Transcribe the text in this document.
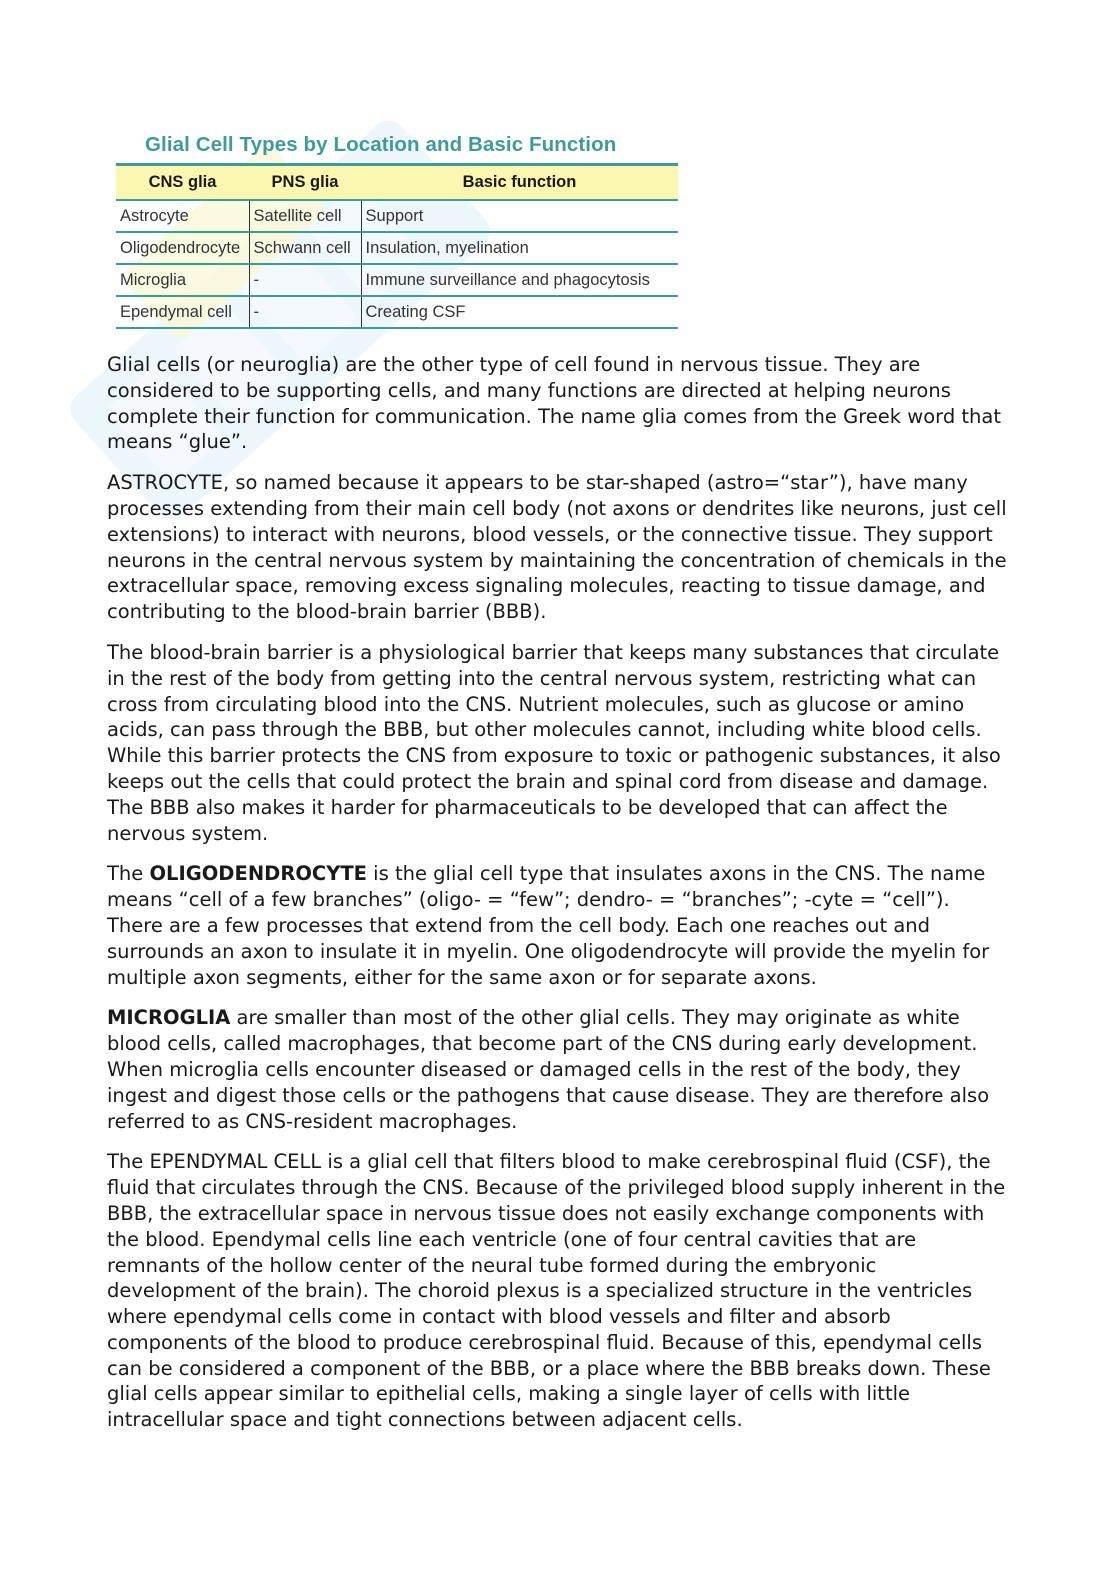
Glial Cell Types by Location and Basic Function
CNS glia	PNS glia	Basic function
Astrocyte	Satellite cell	Support
Oligodendrocyte	Schwann cell	Insulation, myelination
Microglia	-	Immune surveillance and phagocytosis
Ependymal cell	-	Creating CSF

Glial cells (or neuroglia) are the other type of cell found in nervous tissue. They are considered to be supporting cells, and many functions are directed at helping neurons complete their function for communication. The name glia comes from the Greek word that means “glue”.

ASTROCYTE, so named because it appears to be star-shaped (astro=“star”), have many processes extending from their main cell body (not axons or dendrites like neurons, just cell extensions) to interact with neurons, blood vessels, or the connective tissue. They support neurons in the central nervous system by maintaining the concentration of chemicals in the extracellular space, removing excess signaling molecules, reacting to tissue damage, and contributing to the blood-brain barrier (BBB).

The blood-brain barrier is a physiological barrier that keeps many substances that circulate in the rest of the body from getting into the central nervous system, restricting what can cross from circulating blood into the CNS. Nutrient molecules, such as glucose or amino acids, can pass through the BBB, but other molecules cannot, including white blood cells. While this barrier protects the CNS from exposure to toxic or pathogenic substances, it also keeps out the cells that could protect the brain and spinal cord from disease and damage. The BBB also makes it harder for pharmaceuticals to be developed that can affect the nervous system.

The OLIGODENDROCYTE is the glial cell type that insulates axons in the CNS. The name means “cell of a few branches” (oligo- = “few”; dendro- = “branches”; -cyte = “cell”). There are a few processes that extend from the cell body. Each one reaches out and surrounds an axon to insulate it in myelin. One oligodendrocyte will provide the myelin for multiple axon segments, either for the same axon or for separate axons.

MICROGLIA are smaller than most of the other glial cells. They may originate as white blood cells, called macrophages, that become part of the CNS during early development. When microglia cells encounter diseased or damaged cells in the rest of the body, they ingest and digest those cells or the pathogens that cause disease. They are therefore also referred to as CNS-resident macrophages.

The EPENDYMAL CELL is a glial cell that filters blood to make cerebrospinal fluid (CSF), the fluid that circulates through the CNS. Because of the privileged blood supply inherent in the BBB, the extracellular space in nervous tissue does not easily exchange components with the blood. Ependymal cells line each ventricle (one of four central cavities that are remnants of the hollow center of the neural tube formed during the embryonic development of the brain). The choroid plexus is a specialized structure in the ventricles where ependymal cells come in contact with blood vessels and filter and absorb components of the blood to produce cerebrospinal fluid. Because of this, ependymal cells can be considered a component of the BBB, or a place where the BBB breaks down. These glial cells appear similar to epithelial cells, making a single layer of cells with little intracellular space and tight connections between adjacent cells.
